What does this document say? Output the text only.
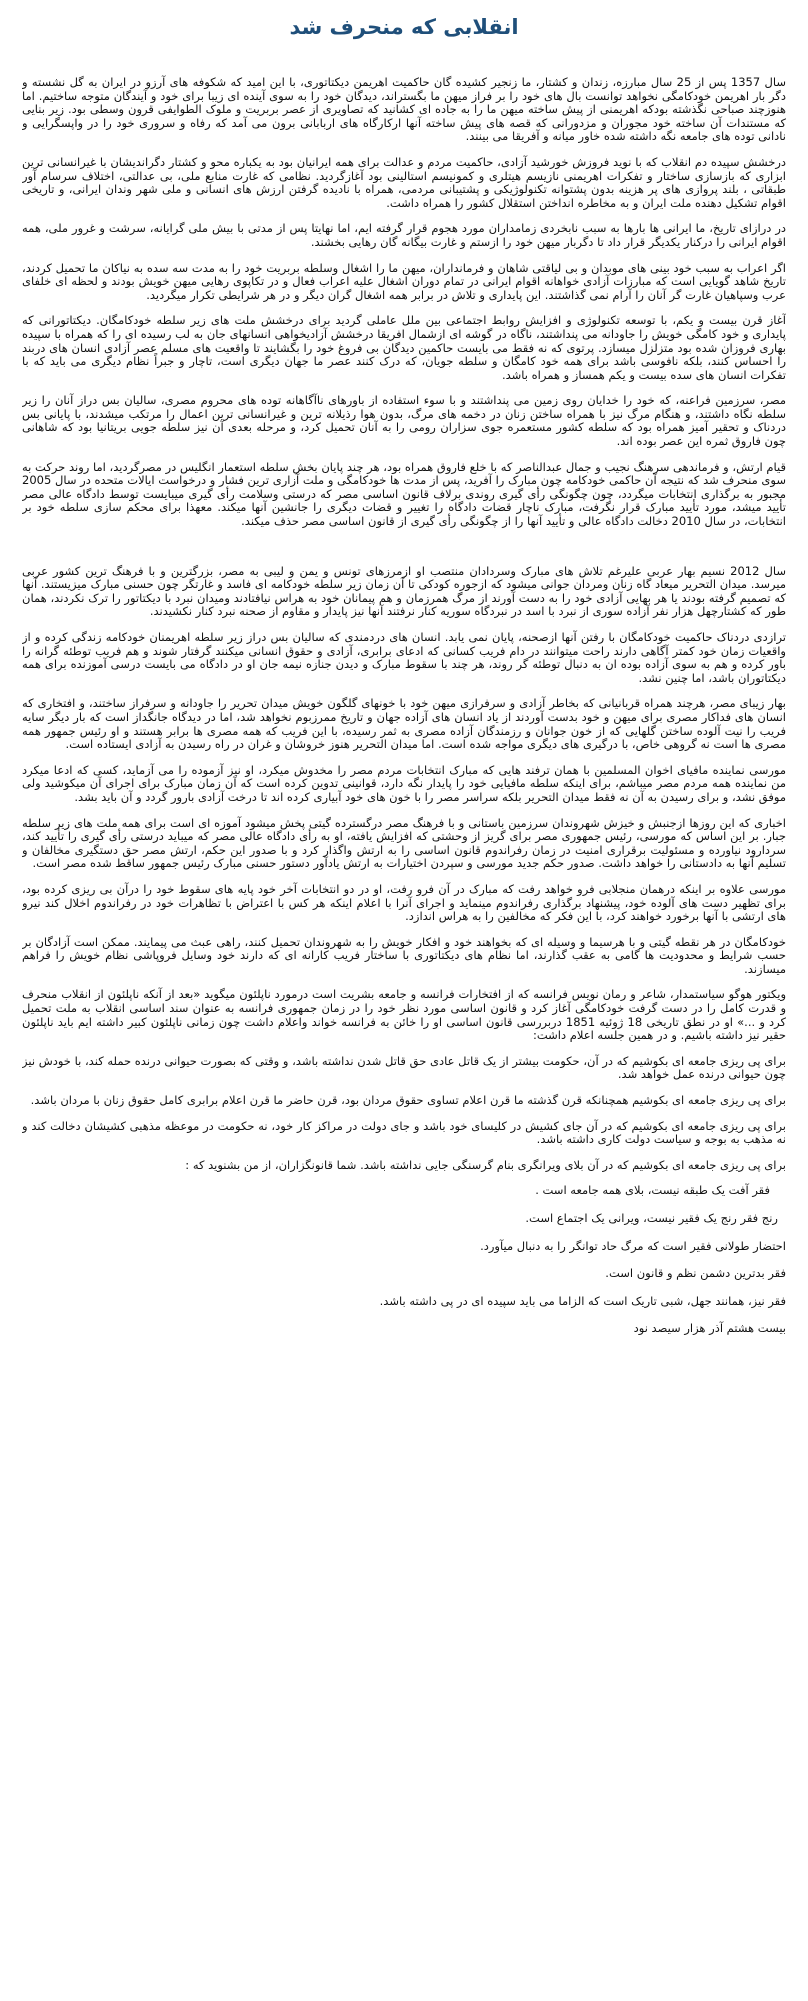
انقلابی که منحرف شد

سال 1357 پس از 25 سال مبارزه، زندان و کشتار، ما زنجیر کشیده گان حاکمیت اهریمن دیکتاتوری، با این امید که شکوفه های آرزو در ایران به گل نشسته و دگر بار اهریمن خودکامگی نخواهد توانست بال های خود را بر فراز میهن ما بگستراند، دیدگان خود را به سوی آینده ای زیبا برای خود و آیندگان متوجه ساختیم. اما هنوزچند صباحی نگذشته بودکه اهریمنی از پیش ساخته میهن ما را به جاده ای کشانید که تصاویری از عصر بربریت و ملوک الطوایفی قرون وسطی بود. زیر بنایی که مستندات آن ساخته خود مجوران و مزدورانی که قصه های پیش ساخته آنها ارکارگاه های اربابانی برون می آمد که رفاه و سروری خود را در واپسگرایی و نادانی توده های جامعه نگه داشته شده خاور میانه و آفریقا می بینند.

درخشش سپیده دم انقلاب که با نوید فروزش خورشید آزادی، حاکمیت مردم و عدالت برای همه ایرانیان بود به یکباره محو و کشتار دگراندیشان با غیرانسانی ترین ابزاری که بازسازی ساختار و تفکرات اهریمنی نازیسم هیتلری و کمونیسم استالینی بود آغازگردید. نظامی که غارت منابع ملی، بی عدالتی، اختلاف سرسام آور طبقاتی ، بلند پروازی های پر هزینه بدون پشتوانه تکنولوژیکی و پشتیبانی مردمی، همراه با نادیده گرفتن ارزش های انسانی و ملی شهر وندان ایرانی، و تاریخی اقوام تشکیل دهنده ملت ایران و به مخاطره انداختن استقلال کشور را همراه داشت.

در درازای تاریخ، ما ایرانی ها بارها به سبب نابخردی زمامداران مورد هجوم قرار گرفته ایم، اما نهایتا پس از مدتی با بیش ملی گرایانه، سرشت و غرور ملی، همه اقوام ایرانی را درکنار یکدیگر قرار داد تا دگربار میهن خود را ازستم و غارت بیگانه گان رهایی بخشند.

اگر اعراب به سبب خود بینی های موبدان و بی لیاقتی شاهان و فرمانداران، میهن ما را اشغال وسلطه بربریت خود را به مدت سه سده به نیاکان ما تحمیل کردند، تاریخ شاهد گویایی است که مبارزات آزادی خواهانه اقوام ایرانی در تمام دوران اشغال علیه اعراب فعال و در تکاپوی رهایی میهن خویش بودند و لحظه ای خلفای عرب وسپاهیان غارت گر آنان را آرام نمی گذاشتند. این پایداری و تلاش در برابر همه اشغال گران دیگر و در هر شرایطی تکرار میگردید.

آغاز قرن بیست و یکم، با توسعه تکنولوژی و افزایش روابط اجتماعی بین ملل عاملی گردید برای درخشش ملت های زیر سلطه خودکامگان. دیکتاتورانی که پایداری و خود کامگی خویش را جاودانه می پنداشتند، ناگاه در گوشه ای ازشمال افریقا درخشش آزادیخواهی انسانهای جان به لب رسیده ای را که همراه با سپیده بهاری فروزان شده بود متزلزل میسازد. پرتوی که نه فقط می بایست حاکمین دیدگان بی فروغ خود را بگشایند تا واقعیت های مسلم عصر آزادی انسان های دربند را احساس کنند، بلکه نافوسی باشد برای همه خود کامگان و سلطه جویان، که درک کنند عصر ما جهان دیگری است، تاچار و جبراً نظام دیگری می باید که با تفکرات انسان های سده بیست و یکم همساز و همراه باشد.

مصر، سرزمین فراعنه، که خود را خدایان روی زمین می پنداشتند و با سوء استفاده از باورهای ناآگاهانه توده های محروم مصری، سالیان بس دراز آنان را زیر سلطه نگاه داشتند، و هنگام مرگ نیز با همراه ساختن زنان در دخمه های مرگ، بدون هوا رذیلانه ترین و غیرانسانی ترین اعمال را مرتکب میشدند، با پایانی بس دردناک و تحقیر آمیز همراه بود که سلطه کشور مستعمره جوی سزاران رومی را به آنان تحمیل کرد، و مرحله بعدی آن نیز سلطه جویی بریتانیا بود که شاهانی چون فاروق ثمره این عصر بوده اند.

قیام ارتش، و فرماندهی سرهنگ نجیب و جمال عبدالناصر که با خلع فاروق همراه بود، هر چند پایان بخش سلطه استعمار انگلیس در مصرگردید، اما روند حرکت به سوی منحرف شد که نتیجه آن حاکمی خودکامه چون مبارک را آفرید، پس از مدت ها خودکامگی و ملت آزاری ترین فشار و درخواست ایالات متحده در سال 2005 مجبور به برگذاری انتخابات میگردد، چون چگونگی رأی گیری روندی برلاف قانون اساسی مصر که درستی وسلامت رأی گیری میبایست توسط دادگاه عالی مصر تأیید میشد، مورد تأیید مبارک قرار نگرفت، مبارک ناچار قضات دادگاه را تغییر و قضات دیگری را جانشین آنها میکند. معهذا برای محکم سازی سلطه خود بر انتخابات، در سال 2010 دخالت دادگاه عالی و تأیید آنها را از چگونگی رأی گیری از قانون اساسی مصر حذف میکند.

سال 2012 نسیم بهار عربی علیرغم تلاش های مبارک وسردادان منتصب او ازمرزهای تونس و یمن و لیبی به مصر، بزرگترین و با فرهنگ ترین کشور عربی میرسد. میدان التحریر میعاد گاه زنان ومردان جوانی میشود که ازجوره کودکی تا آن زمان زیر سلطه خودکامه ای فاسد و غارتگر چون حسنی مبارک میزیستند. آنها که تصمیم گرفته بودند یا هر بهایی آزادی خود را به دست آورند از مرگ همرزمان و هم پیمانان خود به هراس نیافتادند ومیدان نبرد با دیکتاتور را ترک نکردند، همان طور که کشتارچهل هزار نفر آزاده سوری از نبرد با اسد در نبردگاه سوریه کنار نرفتند آنها نیز پایدار و مقاوم از صحنه نبرد کنار نکشیدند.

ترازدی دردناک حاکمیت خودکامگان با رفتن آنها ازصحنه، پایان نمی یابد. انسان های دردمندی که سالیان بس دراز زیر سلطه اهریمنان خودکامه زندگی کرده و از واقعیات زمان خود کمتر آگاهی دارند راحت میتوانند در دام فریب کسانی که ادعای برابری، آزادی و حقوق انسانی میکنند گرفتار شوند و هم فریب توطئه گرانه را باور کرده و هم به سوی آزاده بوده ان به دنبال توطئه گر روند، هر چند با سقوط مبارک و دیدن جنازه نیمه جان او در دادگاه می بایست درسی آموزنده برای همه دیکتاتوران باشد، اما چنین نشد.

بهار زیبای مصر، هرچند همراه قربانیانی که بخاطر آزادی و سرفرازی میهن خود با خونهای گلگون خویش میدان تحریر را جاودانه و سرفراز ساختند، و افتخاری که انسان های فداکار مصری برای میهن و خود بدست آوردند از یاد انسان های آزاده جهان و تاریخ ممرزبوم نخواهد شد، اما در دیدگاه جانگداز است که بار دیگر سایه فریب را نیت آلوده ساختن گلهایی که از خون جوانان و رزمندگان آزاده مصری به ثمر رسیده، با این فریب که همه مصری ها برابر هستند و او رئیس جمهور همه مصری ها است نه گروهی خاص، با درگیری های دیگری مواجه شده است. اما میدان التحریر هنوز خروشان و غران در راه رسیدن به آزادی ایستاده است.

مورسی نماینده مافیای اخوان المسلمین با همان ترفند هایی که مبارک انتخابات مردم مصر را مخدوش میکرد، او نیز آزموده را می آزماید، کسی که ادعا میکرد من نماینده همه مردم مصر میباشم، برای اینکه سلطه مافیایی خود را پایدار نگه دارد، قوانینی تدوین کرده است که آن زمان مبارک برای اجرای آن میکوشید ولی موفق نشد، و برای رسیدن به آن نه فقط میدان التحریر بلکه سراسر مصر را با خون های خود آبیاری کرده اند تا درخت آزادی بارور گردد و آن باید بشد.

اخباری که این روزها ازجنبش و خیزش شهروندان سرزمین باستانی و با فرهنگ مصر درگسترده گیتی پخش میشود آموزه ای است برای همه ملت های زیر سلطه جبار. بر این اساس که مورسی، رئیس جمهوری مصر برای گریز از وحشتی که افزایش یافته، او به رأی دادگاه عالی مصر که میباید درستی رأی گیری را تأیید کند، سردارود نیاورده و مسئولیت برقراری امنیت در زمان رفراندوم قانون اساسی را به ارتش واگذار کرد و با صدور این حکم، ارتش مصر حق دستگیری مخالفان و تسلیم آنها به دادستانی را خواهد داشت. صدور حکم جدید مورسی و سپردن اختیارات به ارتش یادآور دستور حسنی مبارک رئیس جمهور ساقط شده مصر است.

مورسی علاوه بر اینکه درهمان منجلابی فرو خواهد رفت که مبارک در آن فرو رفت، او در دو انتخابات آخر خود پایه های سقوط خود را درآن بی ریزی کرده بود، برای تظهیر دست های آلوده خود، پیشنهاد برگذاری رفراندوم مینماید و اجرای آنرا با اعلام اینکه هر کس با اعتراض با تظاهرات خود در رفراندوم اخلال کند نیرو های ارتشی با آنها برخورد خواهند کرد، با این فکر که مخالفین را به هراس اندازد.

خودکامگان در هر نقطه گیتی و با هرسیما و وسیله ای که بخواهند خود و افکار خویش را به شهروندان تحمیل کنند، راهی عبث می پیمایند. ممکن است آزادگان بر حسب شرایط و محدودیت ها گامی به عقب گذارند، اما نظام های دیکتاتوری با ساختار فریب کارانه ای که دارند خود وسایل فروپاشی نظام خویش را فراهم میسازند.

ویکتور هوگو سیاستمدار، شاعر و رمان نویس فرانسه که از افتخارات فرانسه و جامعه بشریت است درمورد ناپلئون میگوید «بعد از آنکه ناپلئون از انقلاب منحرف و قدرت کامل را در دست گرفت خودکامگی آغاز کرد و قانون اساسی مورد نظر خود را در زمان جمهوری فرانسه به عنوان سند اساسی انقلاب به ملت تحمیل کرد و ...» او در نطق تاریخی 18 ژوئیه 1851 دربررسی قانون اساسی او را خائن به فرانسه خواند واعلام داشت چون زمانی ناپلئون کبیر داشته ایم باید ناپلئون حقیر نیز داشته باشیم. و در همین جلسه اعلام داشت:

برای پی ریزی جامعه ای بکوشیم که در آن، حکومت بیشتر از یک قاتل عادی حق قاتل شدن نداشته باشد، و وقتی که بصورت حیوانی درنده حمله کند، با خودش نیز چون حیوانی درنده عمل خواهد شد.

برای پی ریزی جامعه ای بکوشیم همچنانکه قرن گذشته ما قرن اعلام تساوی حقوق مردان بود، قرن حاضر ما قرن اعلام برابری کامل حقوق زنان با مردان باشد.

برای پی ریزی جامعه ای بکوشیم که در آن جای کشیش در کلیسای خود باشد و جای دولت در مراکز کار خود، نه حکومت در موعظه مذهبی کشیشان دخالت کند و نه مذهب به بوجه و سیاست دولت کاری داشته باشد.

برای پی ریزی جامعه ای بکوشیم که در آن بلای ویرانگری بنام گرسنگی جایی نداشته باشد. شما قانونگزاران، از من بشنوید که :

فقر آفت یک طبقه نیست، بلای همه جامعه است .

رنج فقر رنج یک فقیر نیست، ویرانی یک اجتماع است.

احتضار طولانی فقیر است که مرگ حاد توانگر را به دنبال میآورد.

فقر بدترین دشمن نظم و قانون است.

فقر نیز، همانند جهل، شبی تاریک است که الزاما می باید سپیده ای در پی داشته باشد.

بیست هشتم آذر هزار سیصد نود
